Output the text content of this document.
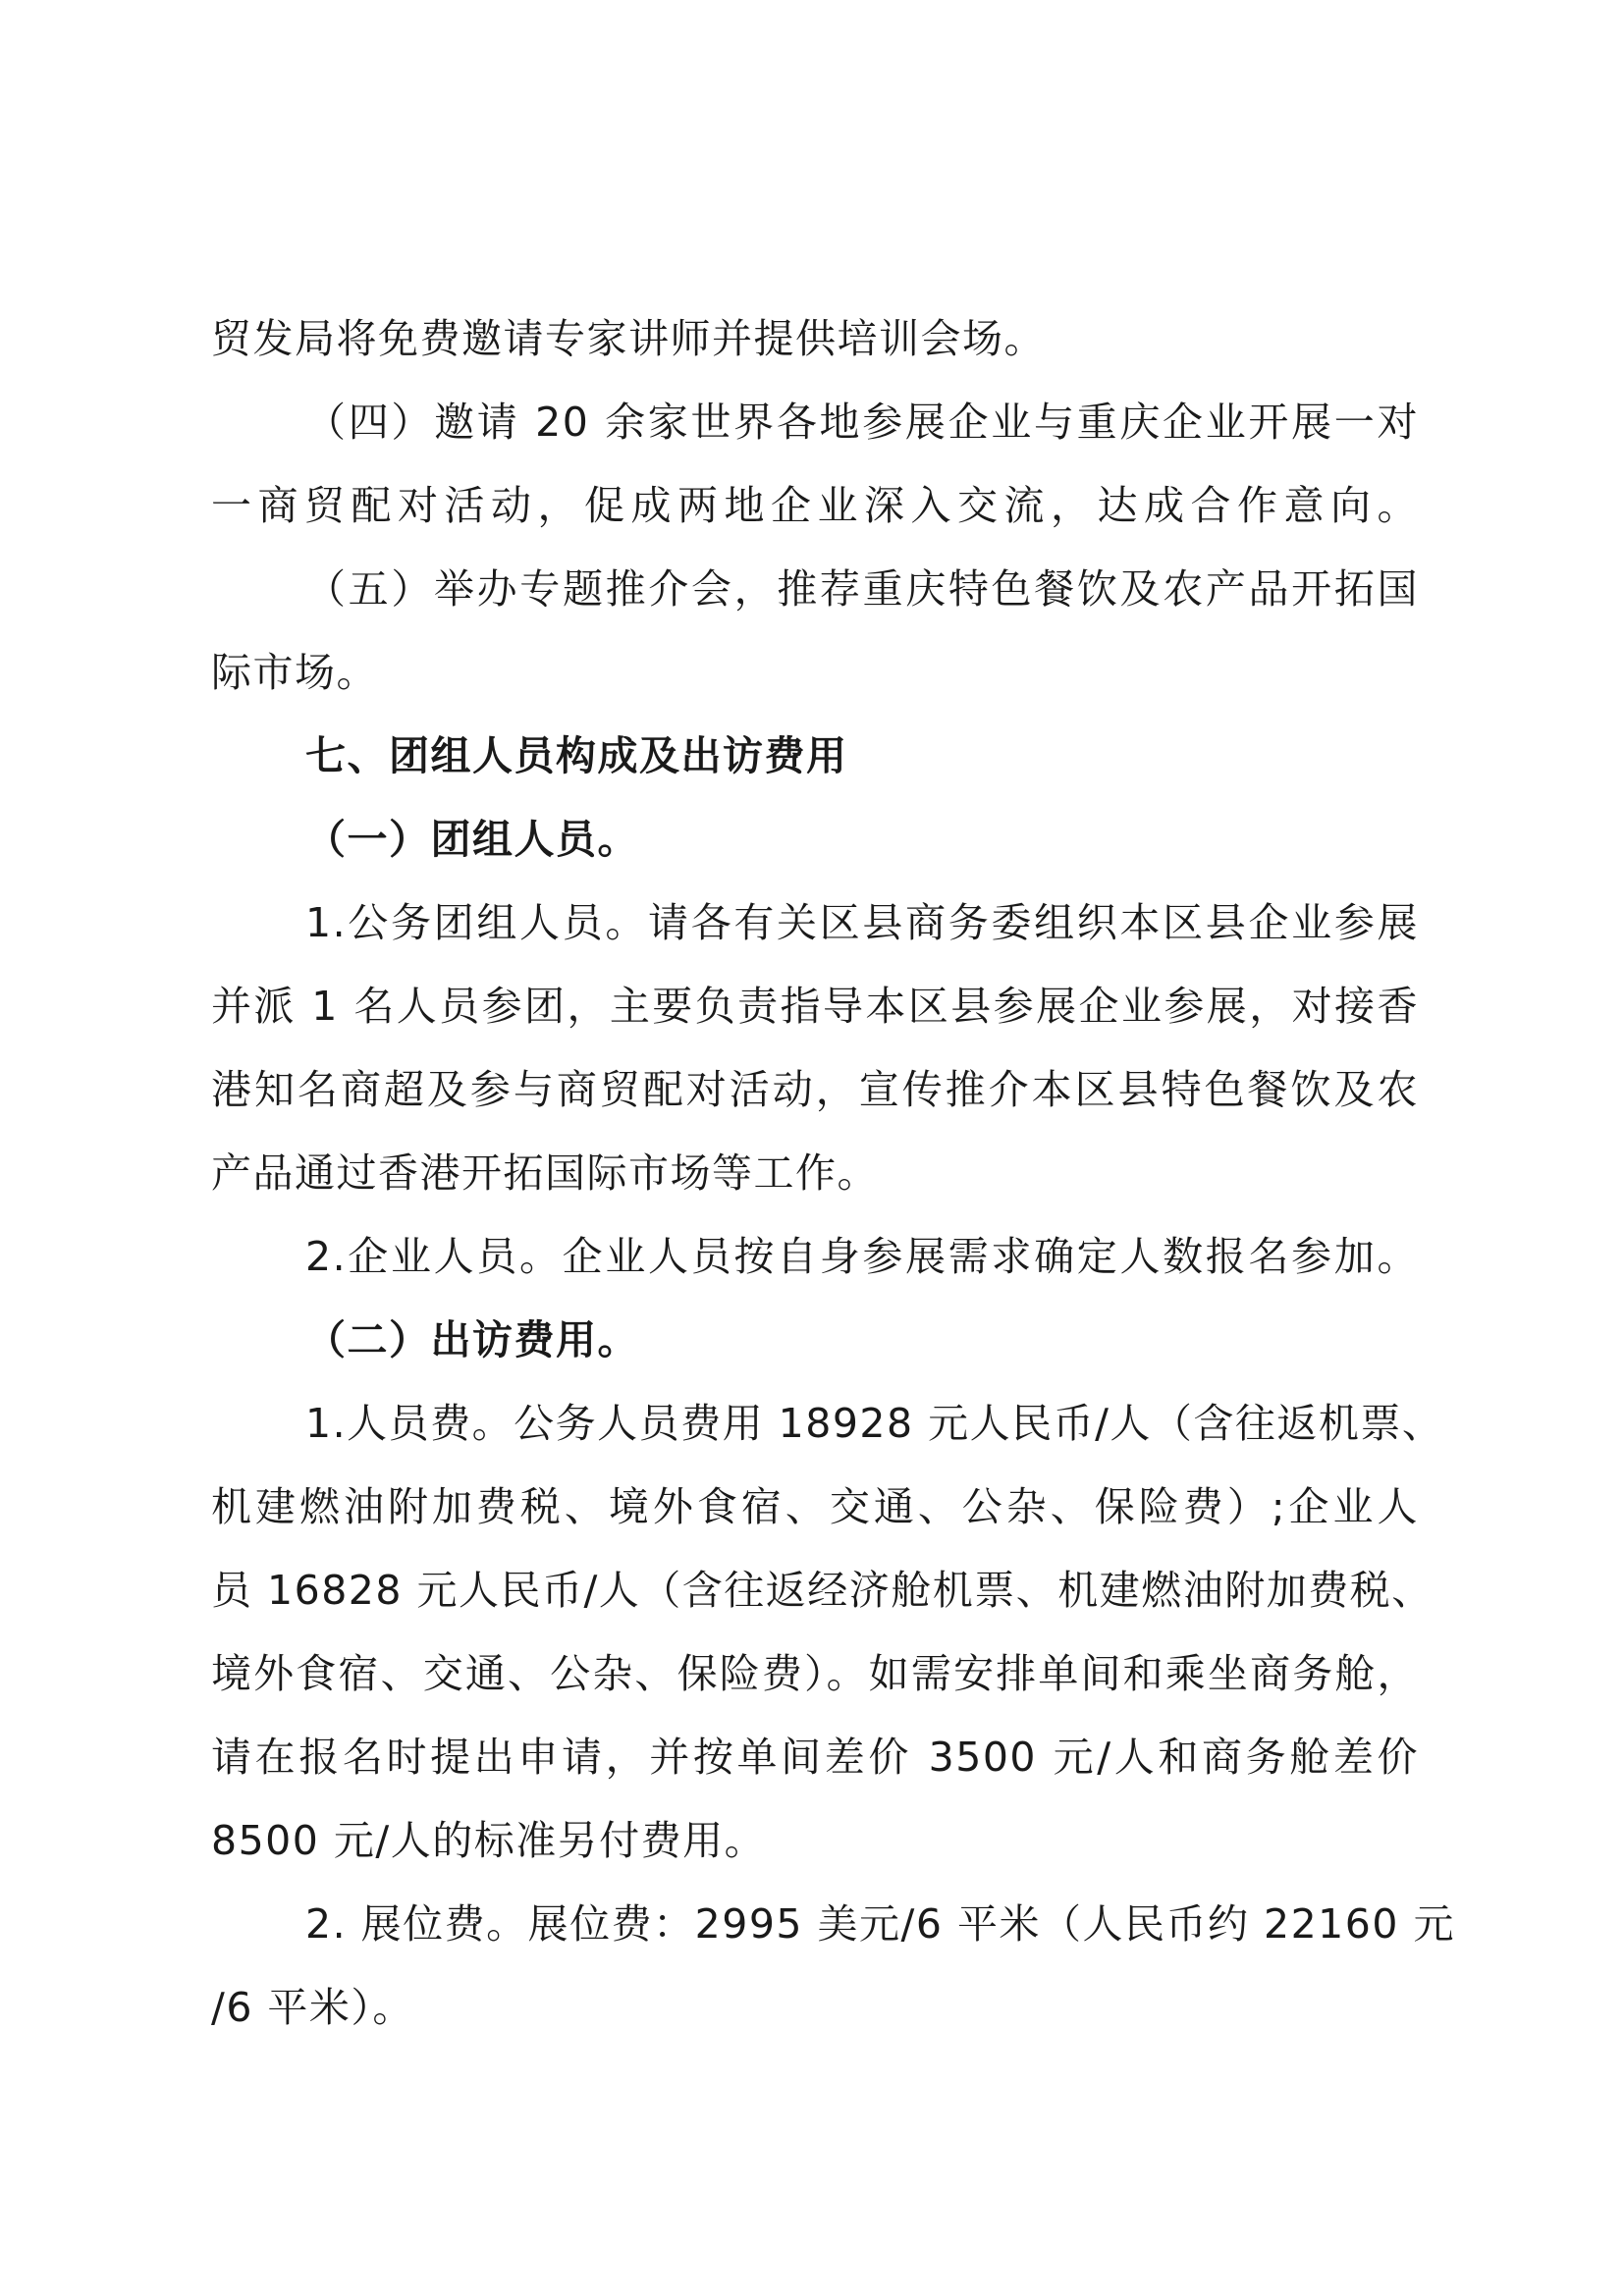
贸发局将免费邀请专家讲师并提供培训会场。
（四）邀请 20 余家世界各地参展企业与重庆企业开展一对
一商贸配对活动，促成两地企业深入交流，达成合作意向。
（五）举办专题推介会，推荐重庆特色餐饮及农产品开拓国
际市场。
七、团组人员构成及出访费用
（一）团组人员。
1.公务团组人员。请各有关区县商务委组织本区县企业参展
并派 1 名人员参团，主要负责指导本区县参展企业参展，对接香
港知名商超及参与商贸配对活动，宣传推介本区县特色餐饮及农
产品通过香港开拓国际市场等工作。
2.企业人员。企业人员按自身参展需求确定人数报名参加。
（二）出访费用。
1.人员费。公务人员费用 18928 元人民币/人（含往返机票、
机建燃油附加费税、境外食宿、交通、公杂、保险费）;企业人
员 16828 元人民币/人（含往返经济舱机票、机建燃油附加费税、
境外食宿、交通、公杂、保险费）。如需安排单间和乘坐商务舱，
请在报名时提出申请，并按单间差价 3500 元/人和商务舱差价
8500 元/人的标准另付费用。
2. 展位费。展位费：2995 美元/6 平米（人民币约 22160 元
/6 平米）。
